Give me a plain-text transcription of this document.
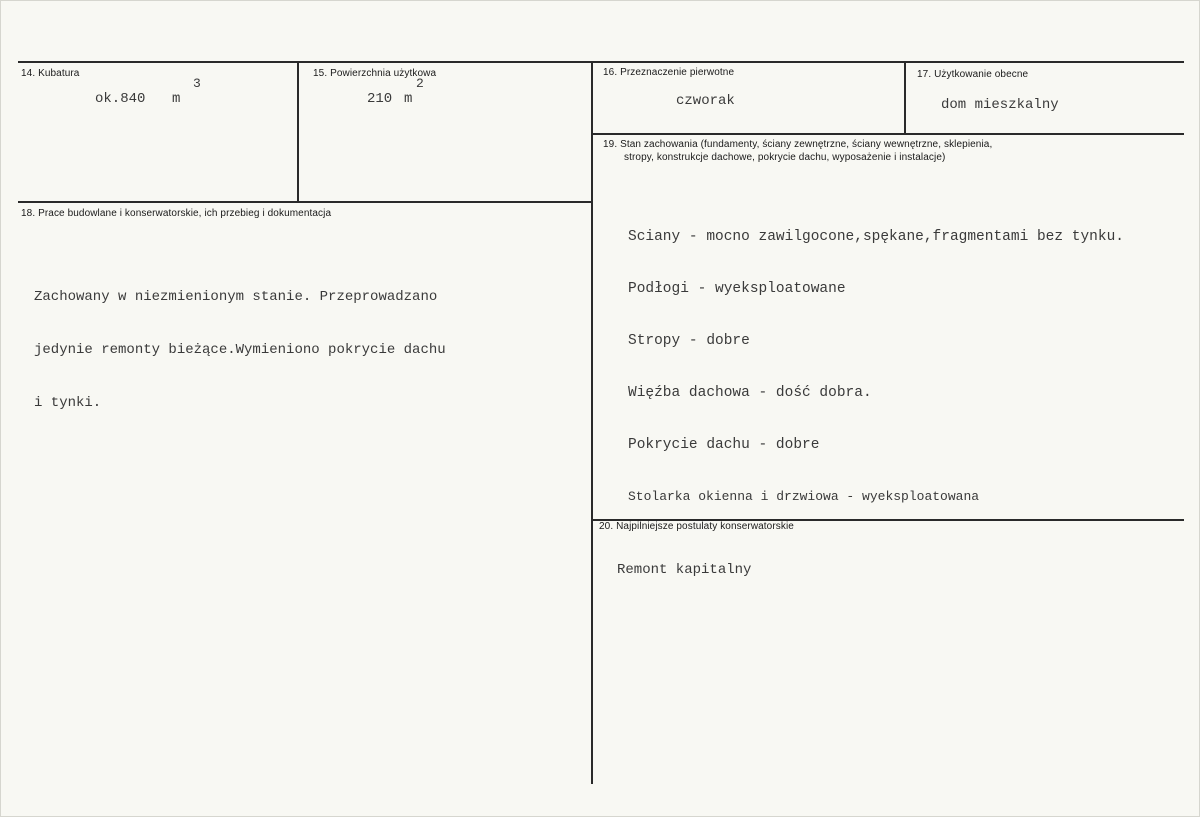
14. Kubatura
3
ok.840 m
15. Powierzchnia użytkowa
2
210 m
16. Przeznaczenie pierwotne
czworak
17. Użytkowanie obecne
dom mieszkalny
18. Prace budowlane i konserwatorskie, ich przebieg i dokumentacja

Zachowany w niezmienionym stanie. Przeprowadzano

jedynie remonty bieżące.Wymieniono pokrycie dachu

i tynki.

19. Stan zachowania (fundamenty, ściany zewnętrzne, ściany wewnętrzne, sklepienia,
stropy, konstrukcje dachowe, pokrycie dachu, wyposażenie i instalacje)

Sciany - mocno zawilgocone,spękane,fragmentami bez tynku.

Podłogi - wyeksploatowane

Stropy - dobre

Więźba dachowa - dość dobra.

Pokrycie dachu - dobre

Stolarka okienna i drzwiowa - wyeksploatowana

20. Najpilniejsze postulaty konserwatorskie
Remont kapitalny
